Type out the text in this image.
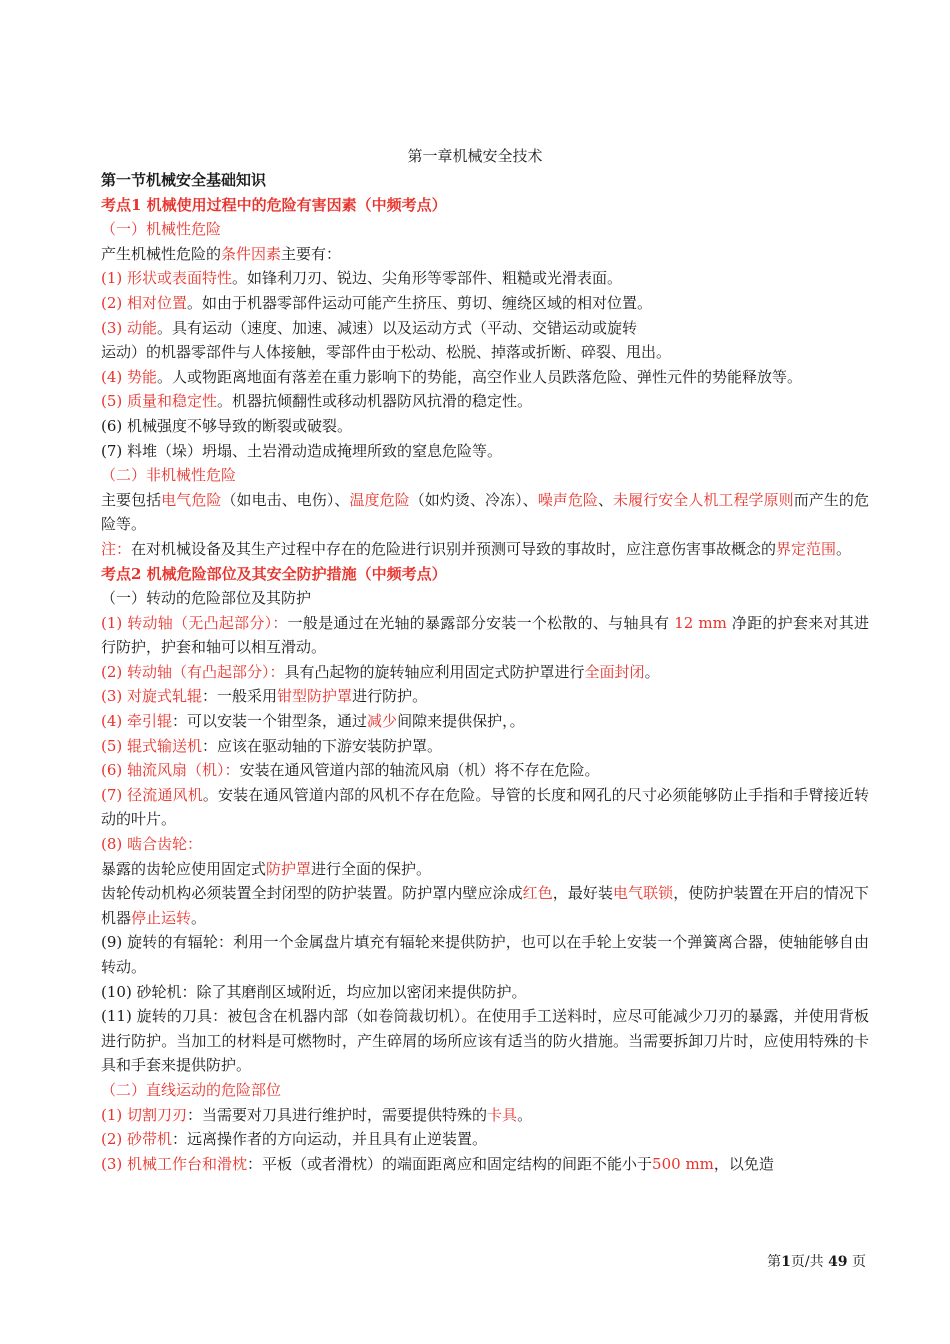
第一章机械安全技术

第一节机械安全基础知识

考点1 机械使用过程中的危险有害因素（中频考点）

（一）机械性危险

产生机械性危险的条件因素主要有：

(1) 形状或表面特性。如锋利刀刃、锐边、尖角形等零部件、粗糙或光滑表面。

(2) 相对位置。如由于机器零部件运动可能产生挤压、剪切、缠绕区域的相对位置。

(3) 动能。具有运动（速度、加速、减速）以及运动方式（平动、交错运动或旋转

运动）的机器零部件与人体接触，零部件由于松动、松脱、掉落或折断、碎裂、甩出。

(4) 势能。人或物距离地面有落差在重力影响下的势能，高空作业人员跌落危险、弹性元件的势能释放等。

(5) 质量和稳定性。机器抗倾翻性或移动机器防风抗滑的稳定性。

(6) 机械强度不够导致的断裂或破裂。

(7) 料堆（垛）坍塌、土岩滑动造成掩埋所致的窒息危险等。

（二）非机械性危险

主要包括电气危险（如电击、电伤）、温度危险（如灼烫、冷冻）、噪声危险、未履行安全人机工程学原则而产生的危险等。

注：在对机械设备及其生产过程中存在的危险进行识别并预测可导致的事故时，应注意伤害事故概念的界定范围。

考点2 机械危险部位及其安全防护措施（中频考点）

（一）转动的危险部位及其防护

(1) 转动轴（无凸起部分）：一般是通过在光轴的暴露部分安装一个松散的、与轴具有 12 mm 净距的护套来对其进行防护，护套和轴可以相互滑动。

(2) 转动轴（有凸起部分）：具有凸起物的旋转轴应利用固定式防护罩进行全面封闭。

(3) 对旋式轧辊：一般采用钳型防护罩进行防护。

(4) 牵引辊：可以安装一个钳型条，通过减少间隙来提供保护，。

(5) 辊式输送机：应该在驱动轴的下游安装防护罩。

(6) 轴流风扇（机）：安装在通风管道内部的轴流风扇（机）将不存在危险。

(7) 径流通风机。安装在通风管道内部的风机不存在危险。导管的长度和网孔的尺寸必须能够防止手指和手臂接近转动的叶片。

(8) 啮合齿轮：

暴露的齿轮应使用固定式防护罩进行全面的保护。

齿轮传动机构必须装置全封闭型的防护装置。防护罩内壁应涂成红色，最好装电气联锁，使防护装置在开启的情况下机器停止运转。

(9) 旋转的有辐轮：利用一个金属盘片填充有辐轮来提供防护，也可以在手轮上安装一个弹簧离合器，使轴能够自由转动。

(10) 砂轮机：除了其磨削区域附近，均应加以密闭来提供防护。

(11) 旋转的刀具：被包含在机器内部（如卷筒裁切机）。在使用手工送料时，应尽可能减少刀刃的暴露，并使用背板进行防护。当加工的材料是可燃物时，产生碎屑的场所应该有适当的防火措施。当需要拆卸刀片时，应使用特殊的卡具和手套来提供防护。

（二）直线运动的危险部位

(1) 切割刀刃：当需要对刀具进行维护时，需要提供特殊的卡具。

(2) 砂带机：远离操作者的方向运动，并且具有止逆装置。

(3) 机械工作台和滑枕：平板（或者滑枕）的端面距离应和固定结构的间距不能小于500 mm，以免造

第1页/共 49 页
